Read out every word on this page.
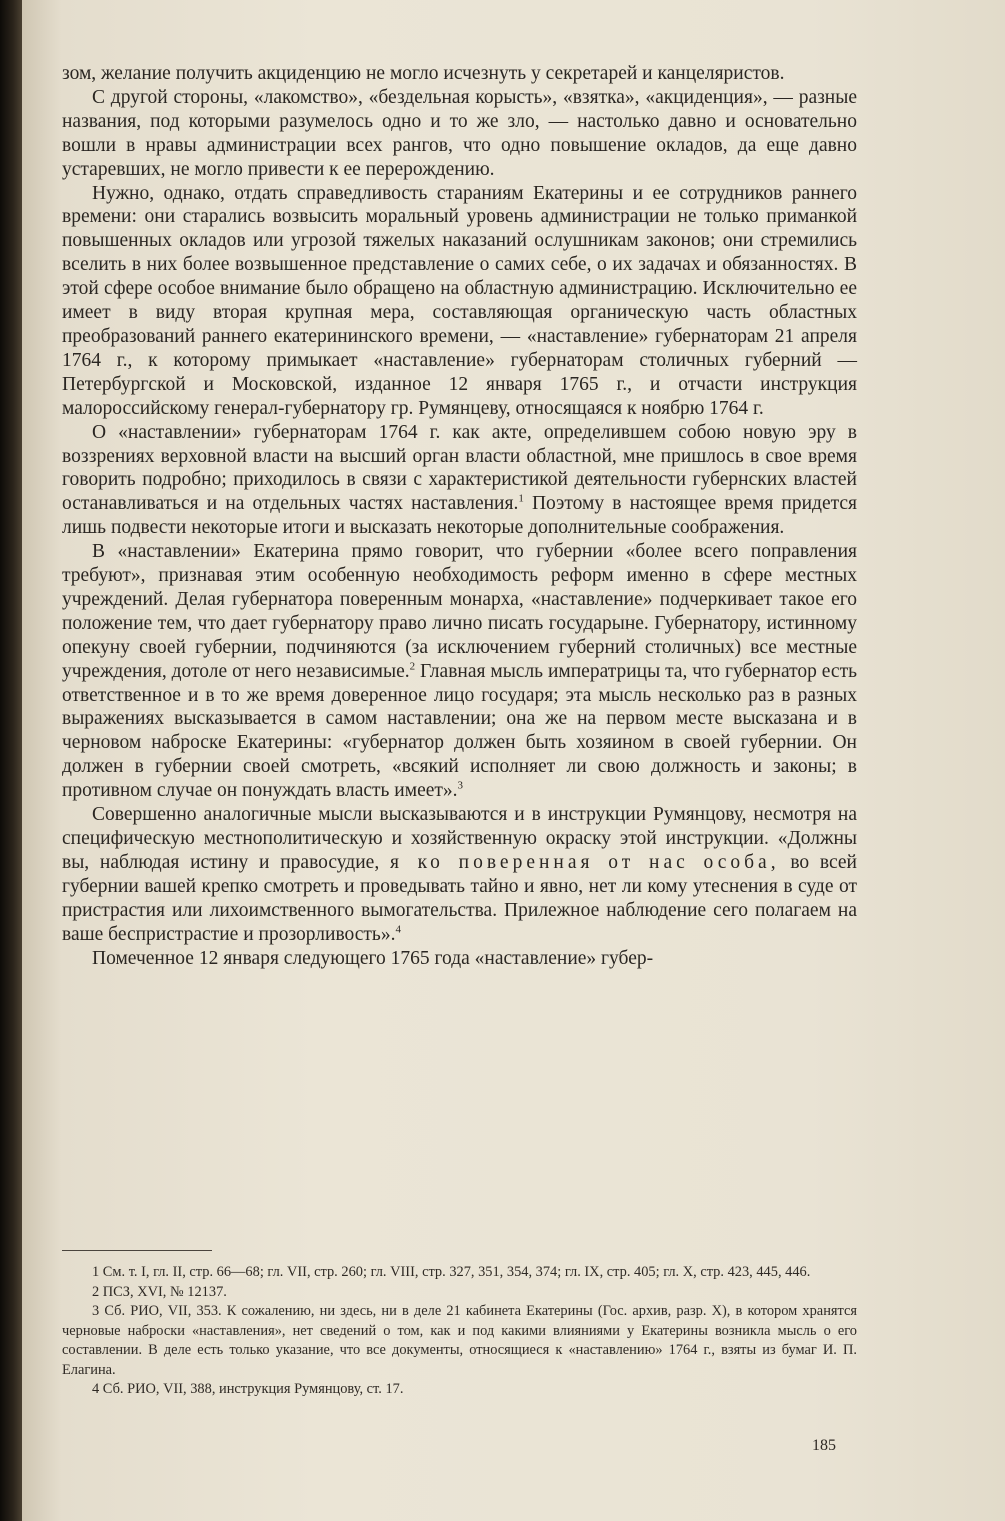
зом, желание получить акциденцию не могло исчезнуть у секретарей и канцеляристов.

С другой стороны, «лакомство», «бездельная корысть», «взятка», «акциденция», — разные названия, под которыми разумелось одно и то же зло, — настолько давно и основательно вошли в нравы администрации всех рангов, что одно повышение окладов, да еще давно устаревших, не могло привести к ее перерождению.

Нужно, однако, отдать справедливость стараниям Екатерины и ее сотрудников раннего времени: они старались возвысить моральный уровень администрации не только приманкой повышенных окладов или угрозой тяжелых наказаний ослушникам законов; они стремились вселить в них более возвышенное представление о самих себе, о их задачах и обязанностях. В этой сфере особое внимание было обращено на областную администрацию. Исключительно ее имеет в виду вторая крупная мера, составляющая органическую часть областных преобразований раннего екатерининского времени, — «наставление» губернаторам 21 апреля 1764 г., к которому примыкает «наставление» губернаторам столичных губерний — Петербургской и Московской, изданное 12 января 1765 г., и отчасти инструкция малороссийскому генерал-губернатору гр. Румянцеву, относящаяся к ноябрю 1764 г.

О «наставлении» губернаторам 1764 г. как акте, определившем собою новую эру в воззрениях верховной власти на высший орган власти областной, мне пришлось в свое время говорить подробно; приходилось в связи с характеристикой деятельности губернских властей останавливаться и на отдельных частях наставления.$^1$ Поэтому в настоящее время придется лишь подвести некоторые итоги и высказать некоторые дополнительные соображения.

В «наставлении» Екатерина прямо говорит, что губернии «более всего поправления требуют», признавая этим особенную необходимость реформ именно в сфере местных учреждений. Делая губернатора поверенным монарха, «наставление» подчеркивает такое его положение тем, что дает губернатору право лично писать государыне. Губернатору, истинному опекуну своей губернии, подчиняются (за исключением губерний столичных) все местные учреждения, дотоле от него независимые.$^2$ Главная мысль императрицы та, что губернатор есть ответственное и в то же время доверенное лицо государя; эта мысль несколько раз в разных выражениях высказывается в самом наставлении; она же на первом месте высказана и в черновом наброске Екатерины: «губернатор должен быть хозяином в своей губернии. Он должен в губернии своей смотреть, «всякий исполняет ли свою должность и законы; в противном случае он понуждать власть имеет».$^3$

Совершенно аналогичные мысли высказываются и в инструкции Румянцову, несмотря на специфическую местнополитическую и хозяйственную окраску этой инструкции. «Должны вы, наблюдая истину и правосудие, я ко поверенная от нас особа, во всей губернии вашей крепко смотреть и проведывать тайно и явно, нет ли кому утеснения в суде от пристрастия или лихоимственного вымогательства. Прилежное наблюдение сего полагаем на ваше беспристрастие и прозорливость».$^4$

Помеченное 12 января следующего 1765 года «наставление» губер-

1 См. т. I, гл. II, стр. 66—68; гл. VII, стр. 260; гл. VIII, стр. 327, 351, 354, 374; гл. IX, стр. 405; гл. X, стр. 423, 445, 446.

2 ПСЗ, XVI, № 12137.

3 Сб. РИО, VII, 353. К сожалению, ни здесь, ни в деле 21 кабинета Екатерины (Гос. архив, разр. X), в котором хранятся черновые наброски «наставления», нет сведений о том, как и под какими влияниями у Екатерины возникла мысль о его составлении. В деле есть только указание, что все документы, относящиеся к «наставлению» 1764 г., взяты из бумаг И. П. Елагина.

4 Сб. РИО, VII, 388, инструкция Румянцову, ст. 17.

185
